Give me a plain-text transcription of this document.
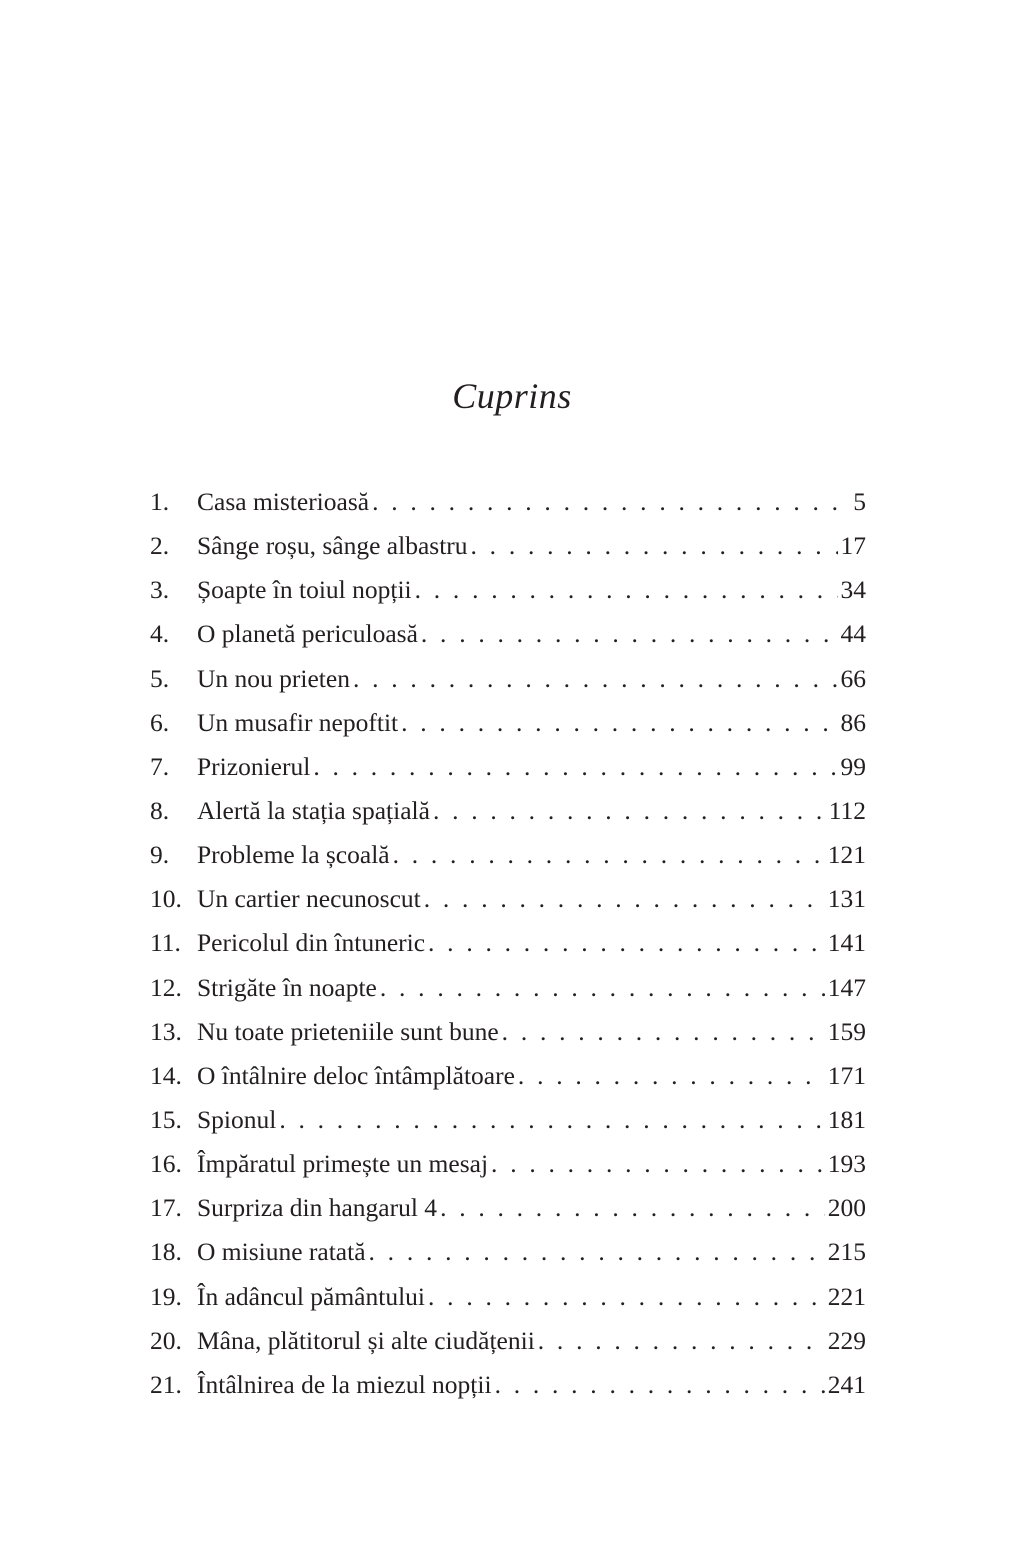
Cuprins
1.	Casa misterioasă . . .	5
2.	Sânge roșu, sânge albastru . . .	17
3.	Șoapte în toiul nopții . . .	34
4.	O planetă periculoasă . . .	44
5.	Un nou prieten . . .	66
6.	Un musafir nepoftit . . .	86
7.	Prizonierul . . .	99
8.	Alertă la stația spațială . . .	112
9.	Probleme la școală . . .	121
10. Un cartier necunoscut . . .	131
11. Pericolul din întuneric . . .	141
12. Strigăte în noapte . . .	147
13. Nu toate prieteniile sunt bune . . .	159
14. O întâlnire deloc întâmplătoare . . .	171
15. Spionul . . .	181
16. Împăratul primește un mesaj . . .	193
17. Surpriza din hangarul 4 . . .	200
18. O misiune ratată . . .	215
19. În adâncul pământului . . .	221
20. Mâna, plătitorul și alte ciudățenii . . .	229
21. Întâlnirea de la miezul nopții . . .	241
